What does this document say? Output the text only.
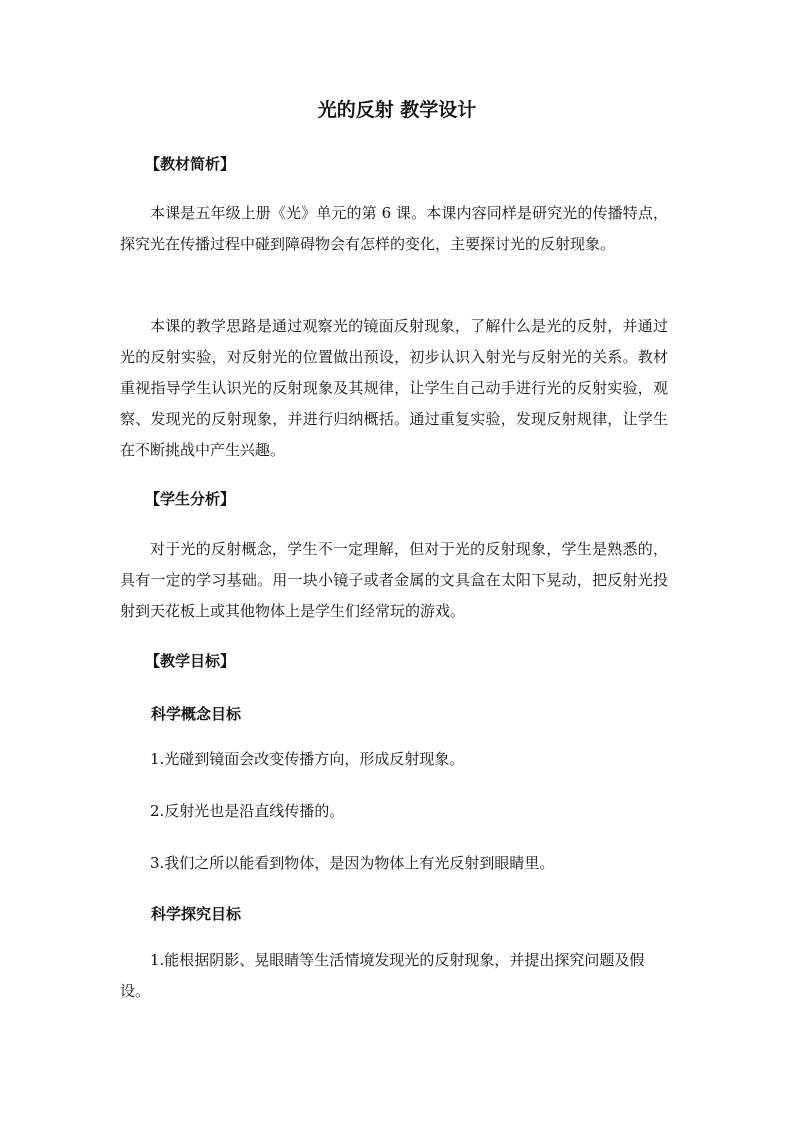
光的反射 教学设计
【教材简析】

本课是五年级上册《光》单元的第 6 课。本课内容同样是研究光的传播特点，探究光在传播过程中碰到障碍物会有怎样的变化，主要探讨光的反射现象。

本课的教学思路是通过观察光的镜面反射现象，了解什么是光的反射，并通过光的反射实验，对反射光的位置做出预设，初步认识入射光与反射光的关系。教材重视指导学生认识光的反射现象及其规律，让学生自己动手进行光的反射实验，观察、发现光的反射现象，并进行归纳概括。通过重复实验，发现反射规律，让学生在不断挑战中产生兴趣。

【学生分析】

对于光的反射概念，学生不一定理解，但对于光的反射现象，学生是熟悉的，具有一定的学习基础。用一块小镜子或者金属的文具盒在太阳下晃动，把反射光投射到天花板上或其他物体上是学生们经常玩的游戏。

【教学目标】
科学概念目标

1.光碰到镜面会改变传播方向，形成反射现象。

2.反射光也是沿直线传播的。

3.我们之所以能看到物体，是因为物体上有光反射到眼睛里。

科学探究目标

1.能根据阴影、晃眼睛等生活情境发现光的反射现象，并提出探究问题及假设。
